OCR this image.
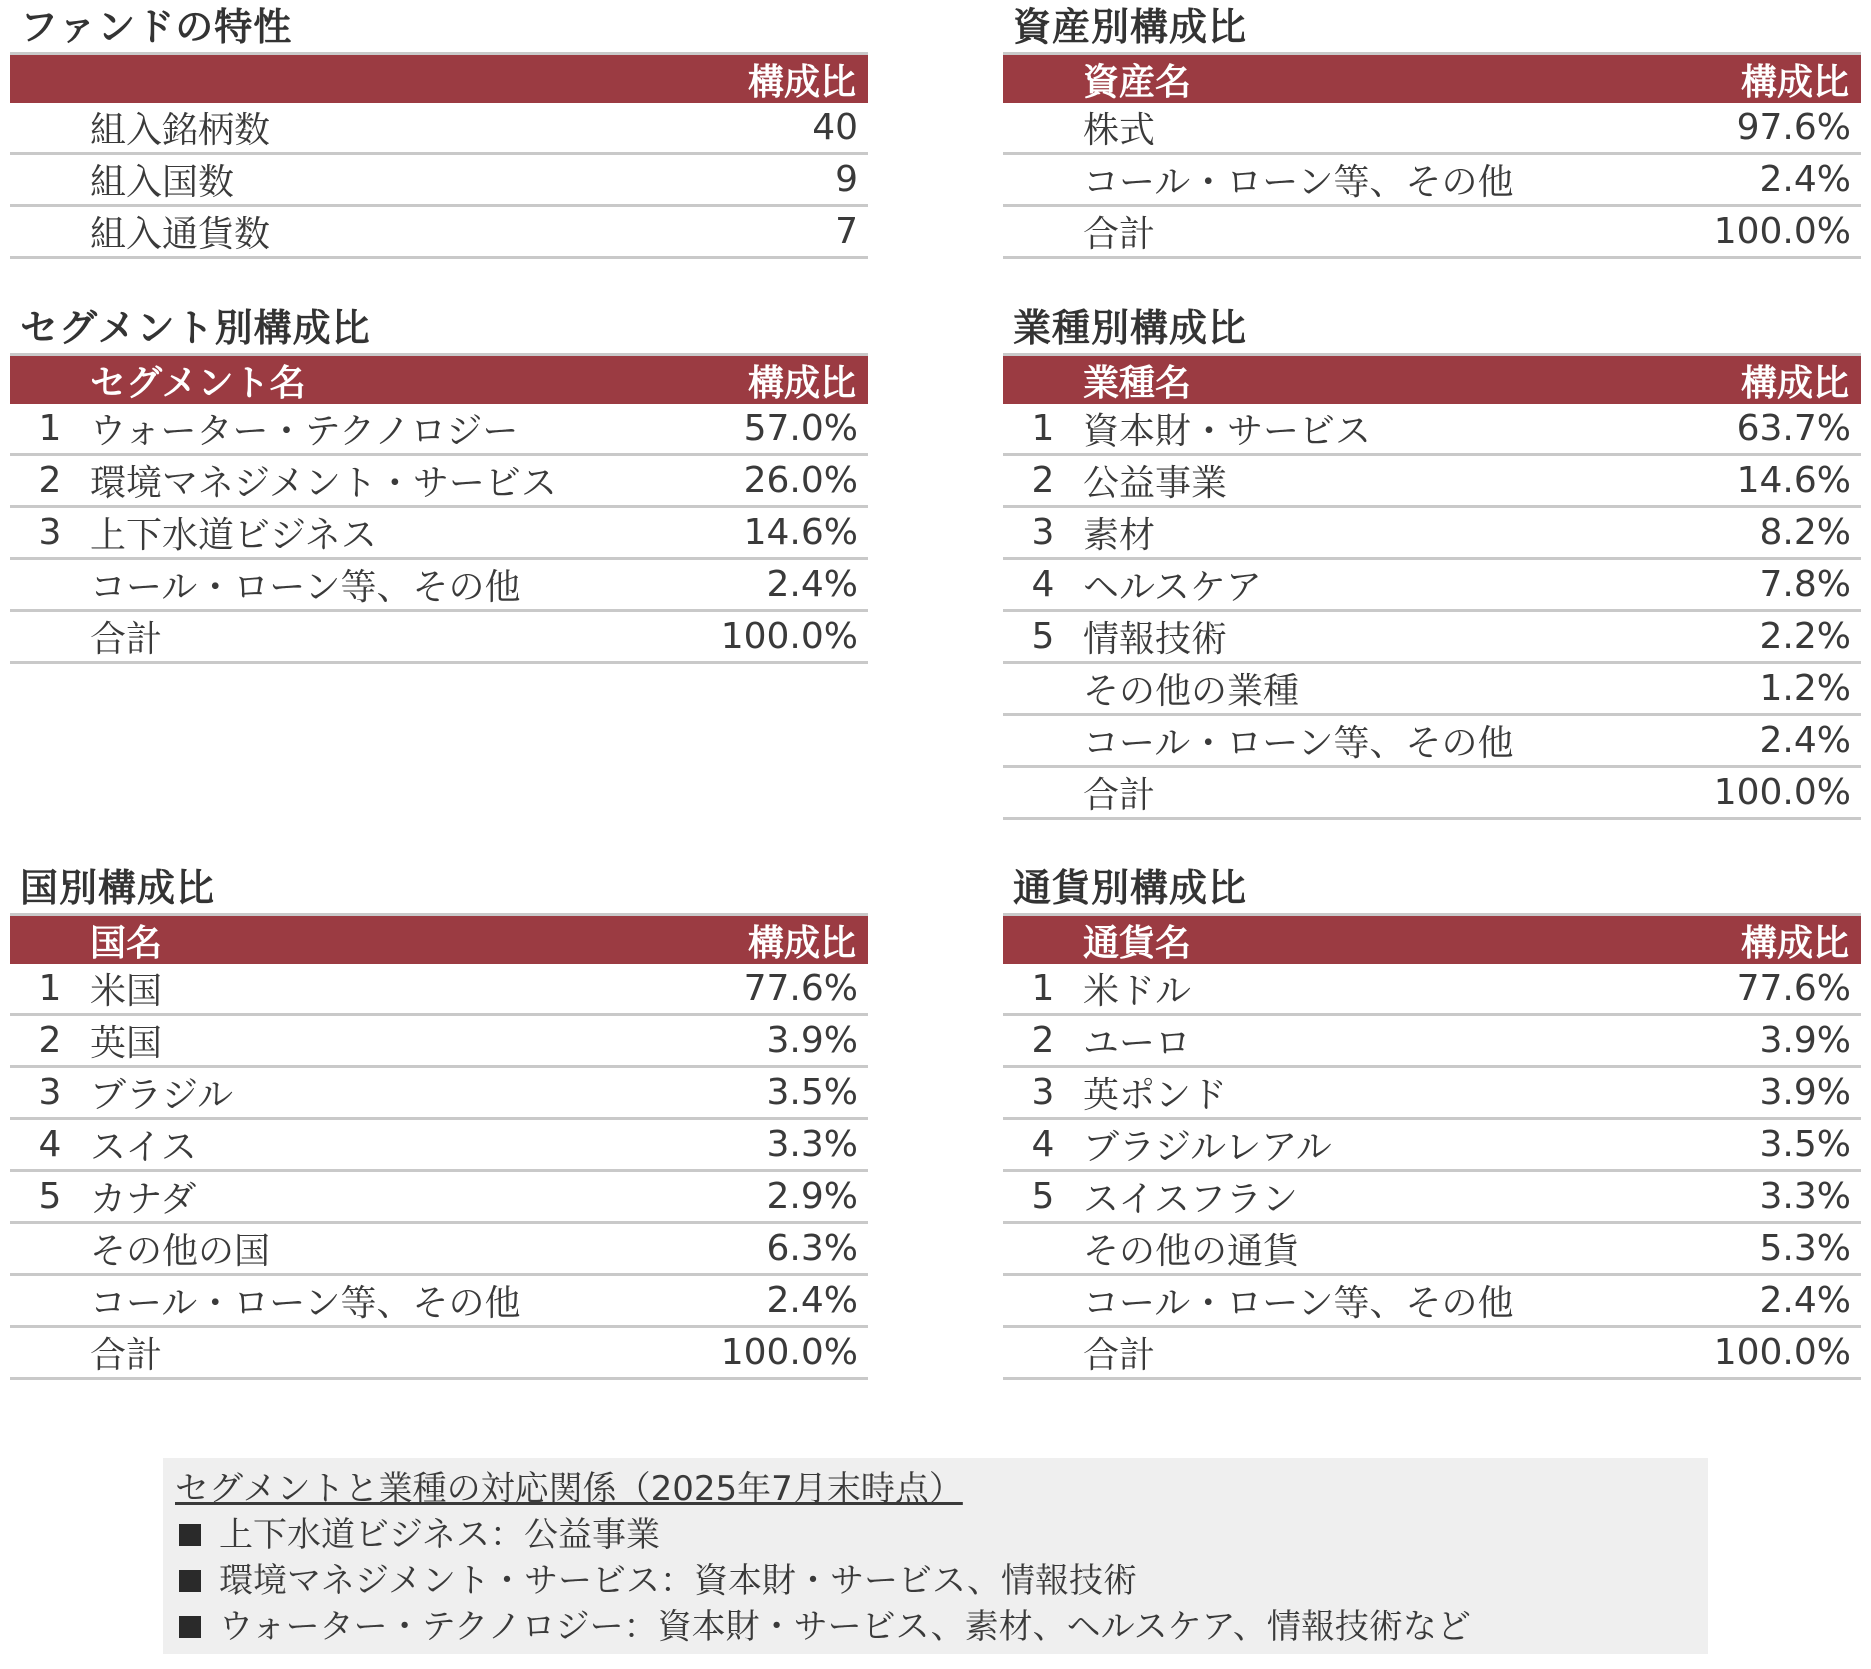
ファンドの特性
構成比
組入銘柄数	40
組入国数	9
組入通貨数	7
資産別構成比
資産名	構成比
株式	97.6%
コール・ローン等、その他	2.4%
合計	100.0%
セグメント別構成比
セグメント名	構成比
1 ウォーター・テクノロジー	57.0%
2 環境マネジメント・サービス	26.0%
3 上下水道ビジネス	14.6%
コール・ローン等、その他	2.4%
合計	100.0%
業種別構成比
業種名	構成比
1 資本財・サービス	63.7%
2 公益事業	14.6%
3 素材	8.2%
4 ヘルスケア	7.8%
5 情報技術	2.2%
その他の業種	1.2%
コール・ローン等、その他	2.4%
合計	100.0%
国別構成比
国名	構成比
1 米国	77.6%
2 英国	3.9%
3 ブラジル	3.5%
4 スイス	3.3%
5 カナダ	2.9%
その他の国	6.3%
コール・ローン等、その他	2.4%
合計	100.0%
通貨別構成比
通貨名	構成比
1 米ドル	77.6%
2 ユーロ	3.9%
3 英ポンド	3.9%
4 ブラジルレアル	3.5%
5 スイスフラン	3.3%
その他の通貨	5.3%
コール・ローン等、その他	2.4%
合計	100.0%
セグメントと業種の対応関係（2025年7月末時点）
上下水道ビジネス：公益事業
環境マネジメント・サービス：資本財・サービス、情報技術
ウォーター・テクノロジー：資本財・サービス、素材、ヘルスケア、情報技術など
